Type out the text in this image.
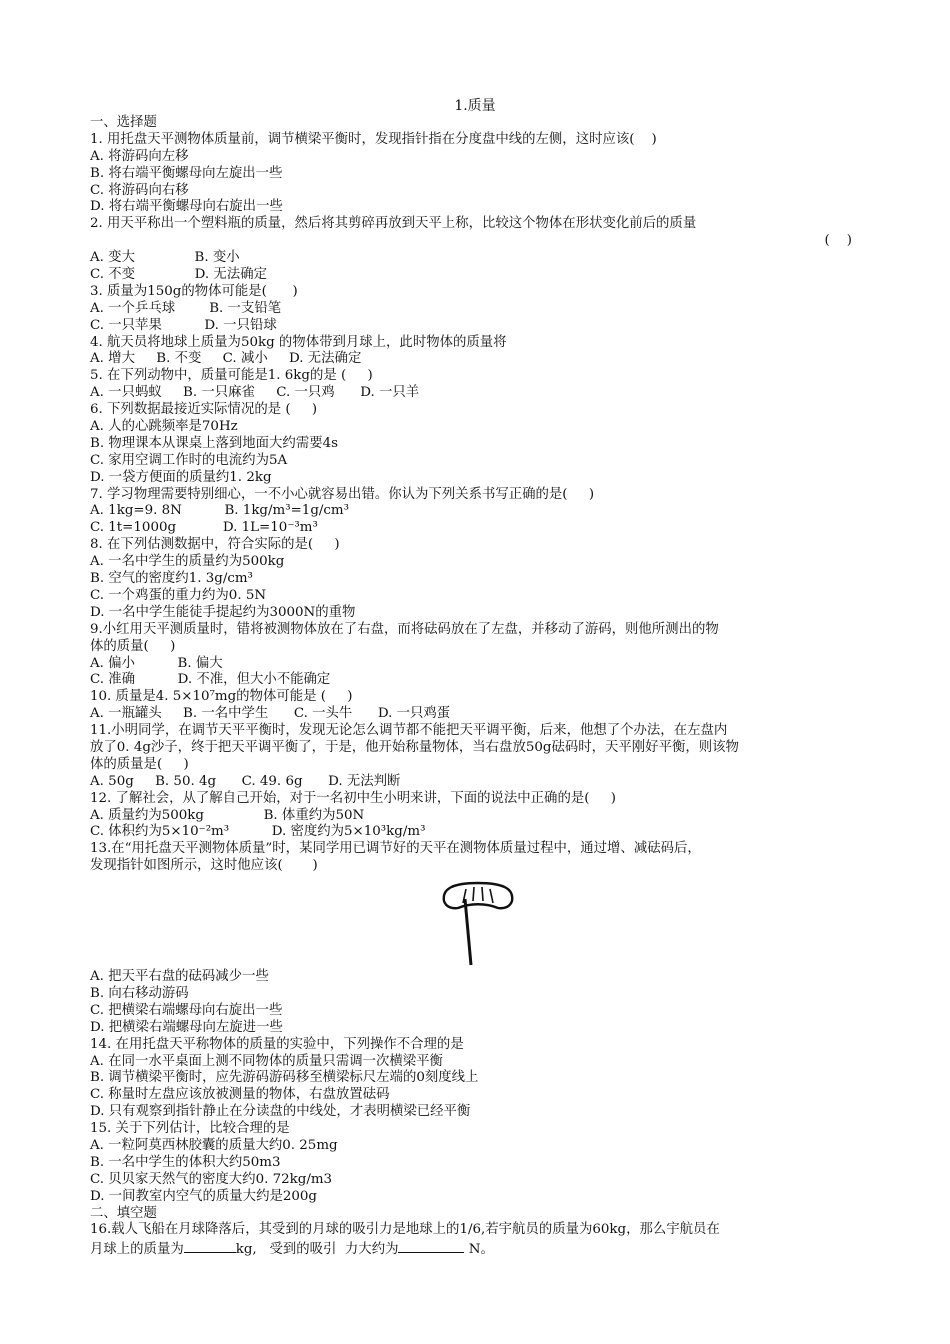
1.质量
一、选择题
1. 用托盘天平测物体质量前，调节横梁平衡时，发现指针指在分度盘中线的左侧，这时应该(    )
A. 将游码向左移
B. 将右端平衡螺母向左旋出一些
C. 将游码向右移
D. 将右端平衡螺母向右旋出一些
2. 用天平称出一个塑料瓶的质量，然后将其剪碎再放到天平上称，比较这个物体在形状变化前后的质量
(    )
A. 变大              B. 变小
C. 不变              D. 无法确定
3. 质量为150g的物体可能是(      )
A. 一个乒乓球        B. 一支铅笔
C. 一只苹果          D. 一只铅球
4. 航天员将地球上质量为50kg 的物体带到月球上，此时物体的质量将
A. 增大     B. 不变     C. 减小     D. 无法确定
5. 在下列动物中，质量可能是1. 6kg的是 (     )
A. 一只蚂蚁     B. 一只麻雀     C. 一只鸡      D. 一只羊
6. 下列数据最接近实际情况的是 (     )
A. 人的心跳频率是70Hz
B. 物理课本从课桌上落到地面大约需要4s
C. 家用空调工作时的电流约为5A
D. 一袋方便面的质量约1. 2kg
7. 学习物理需要特别细心，一不小心就容易出错。你认为下列关系书写正确的是(     )
A. 1kg=9. 8N          B. 1kg/m³=1g/cm³
C. 1t=1000g           D. 1L=10⁻³m³
8. 在下列估测数据中，符合实际的是(     )
A. 一名中学生的质量约为500kg
B. 空气的密度约1. 3g/cm³
C. 一个鸡蛋的重力约为0. 5N
D. 一名中学生能徒手提起约为3000N的重物
9.小红用天平测质量时，错将被测物体放在了右盘，而将砝码放在了左盘，并移动了游码，则他所测出的物
体的质量(     )
A. 偏小          B. 偏大
C. 准确          D. 不准，但大小不能确定
10. 质量是4. 5×10⁷mg的物体可能是 (     )
A. 一瓶罐头     B. 一名中学生      C. 一头牛      D. 一只鸡蛋
11.小明同学，在调节天平平衡时，发现无论怎么调节都不能把天平调平衡，后来，他想了个办法，在左盘内
放了0. 4g沙子，终于把天平调平衡了，于是，他开始称量物体，当右盘放50g砝码时，天平刚好平衡，则该物
体的质量是(     )
A. 50g     B. 50. 4g      C. 49. 6g      D. 无法判断
12. 了解社会，从了解自己开始，对于一名初中生小明来讲，下面的说法中正确的是(     )
A. 质量约为500kg              B. 体重约为50N
C. 体积约为5×10⁻²m³          D. 密度约为5×10³kg/m³
13.在“用托盘天平测物体质量”时，某同学用已调节好的天平在测物体质量过程中，通过增、减砝码后，
发现指针如图所示，这时他应该(       )
A. 把天平右盘的砝码减少一些
B. 向右移动游码
C. 把横梁右端螺母向右旋出一些
D. 把横梁右端螺母向左旋进一些
14. 在用托盘天平称物体的质量的实验中，下列操作不合理的是
A. 在同一水平桌面上测不同物体的质量只需调一次横梁平衡
B. 调节横梁平衡时，应先游码游码移至横梁标尺左端的0刻度线上
C. 称量时左盘应该放被测量的物体，右盘放置砝码
D. 只有观察到指针静止在分读盘的中线处，才表明横梁已经平衡
15. 关于下列估计，比较合理的是
A. 一粒阿莫西林胶囊的质量大约0. 25mg
B. 一名中学生的体积大约50m3
C. 贝贝家天然气的密度大约0. 72kg/m3
D. 一间教室内空气的质量大约是200g
二、填空题
16.载人飞船在月球降落后，其受到的月球的吸引力是地球上的1/6,若宇航员的质量为60kg，那么宇航员在
月球上的质量为	kg,   受到的吸引  力大约为	N。
